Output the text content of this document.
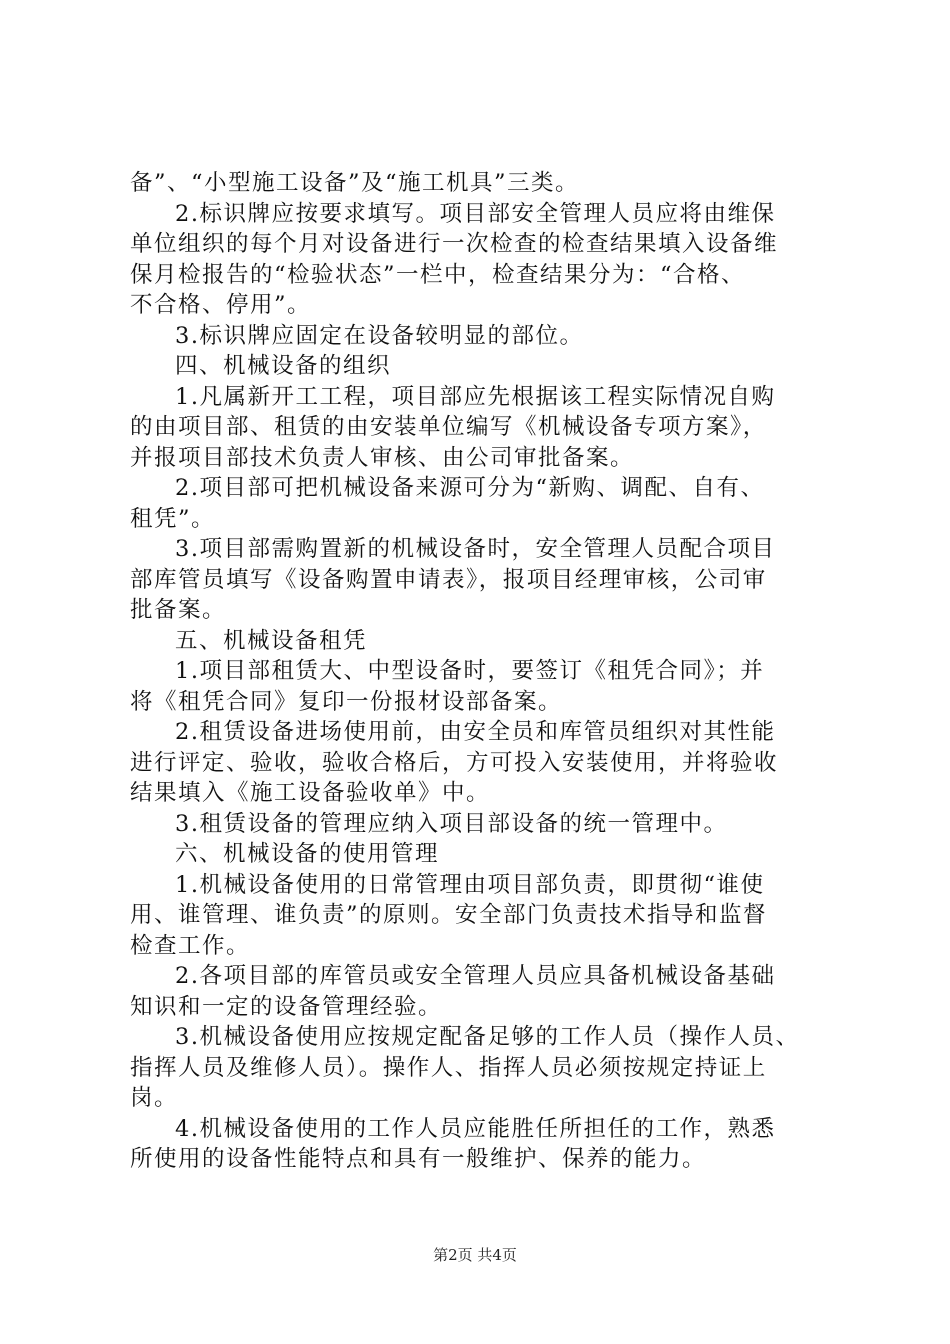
备”、“小型施工设备”及“施工机具”三类。
2.标识牌应按要求填写。项目部安全管理人员应将由维保
单位组织的每个月对设备进行一次检查的检查结果填入设备维
保月检报告的“检验状态”一栏中，检查结果分为：“合格、
不合格、停用”。
3.标识牌应固定在设备较明显的部位。
四、机械设备的组织
1.凡属新开工工程，项目部应先根据该工程实际情况自购
的由项目部、租赁的由安装单位编写《机械设备专项方案》，
并报项目部技术负责人审核、由公司审批备案。
2.项目部可把机械设备来源可分为“新购、调配、自有、
租凭”。
3.项目部需购置新的机械设备时，安全管理人员配合项目
部库管员填写《设备购置申请表》，报项目经理审核，公司审
批备案。
五、机械设备租凭
1.项目部租赁大、中型设备时，要签订《租凭合同》；并
将《租凭合同》复印一份报材设部备案。
2.租赁设备进场使用前，由安全员和库管员组织对其性能
进行评定、验收，验收合格后，方可投入安装使用，并将验收
结果填入《施工设备验收单》中。
3.租赁设备的管理应纳入项目部设备的统一管理中。
六、机械设备的使用管理
1.机械设备使用的日常管理由项目部负责，即贯彻“谁使
用、谁管理、谁负责”的原则。安全部门负责技术指导和监督
检查工作。
2.各项目部的库管员或安全管理人员应具备机械设备基础
知识和一定的设备管理经验。
3.机械设备使用应按规定配备足够的工作人员（操作人员、
指挥人员及维修人员）。操作人、指挥人员必须按规定持证上
岗。
4.机械设备使用的工作人员应能胜任所担任的工作，熟悉
所使用的设备性能特点和具有一般维护、保养的能力。
第2页 共4页
